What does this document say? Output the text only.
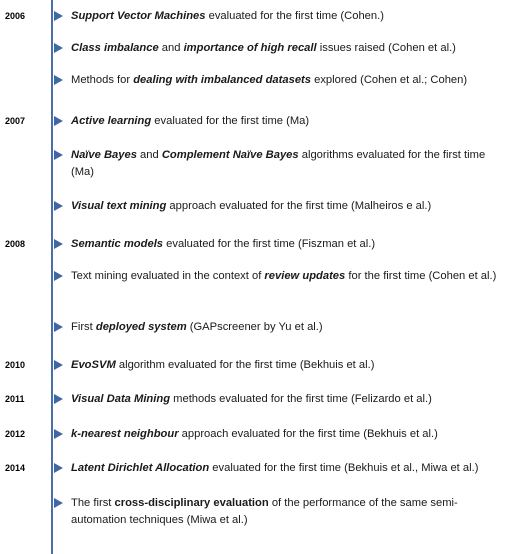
2006	Support Vector Machines evaluated for the first time (Cohen.)
Class imbalance and importance of high recall issues raised (Cohen et al.)
Methods for dealing with imbalanced datasets explored (Cohen et al.; Cohen)
2007	Active learning evaluated for the first time (Ma)
Naïve Bayes and Complement Naïve Bayes algorithms evaluated for the first time (Ma)
Visual text mining approach evaluated for the first time (Malheiros e al.)
2008	Semantic models evaluated for the first time (Fiszman et al.)
Text mining evaluated in the context of review updates for the first time (Cohen et al.)
First deployed system (GAPscreener by Yu et al.)
2010	EvoSVM algorithm evaluated for the first time (Bekhuis et al.)
2011	Visual Data Mining methods evaluated for the first time (Felizardo et al.)
2012	k-nearest neighbour approach evaluated for the first time (Bekhuis et al.)
2014	Latent Dirichlet Allocation evaluated for the first time (Bekhuis et al., Miwa et al.)
The first cross-disciplinary evaluation of the performance of the same semi-automation techniques (Miwa et al.)
